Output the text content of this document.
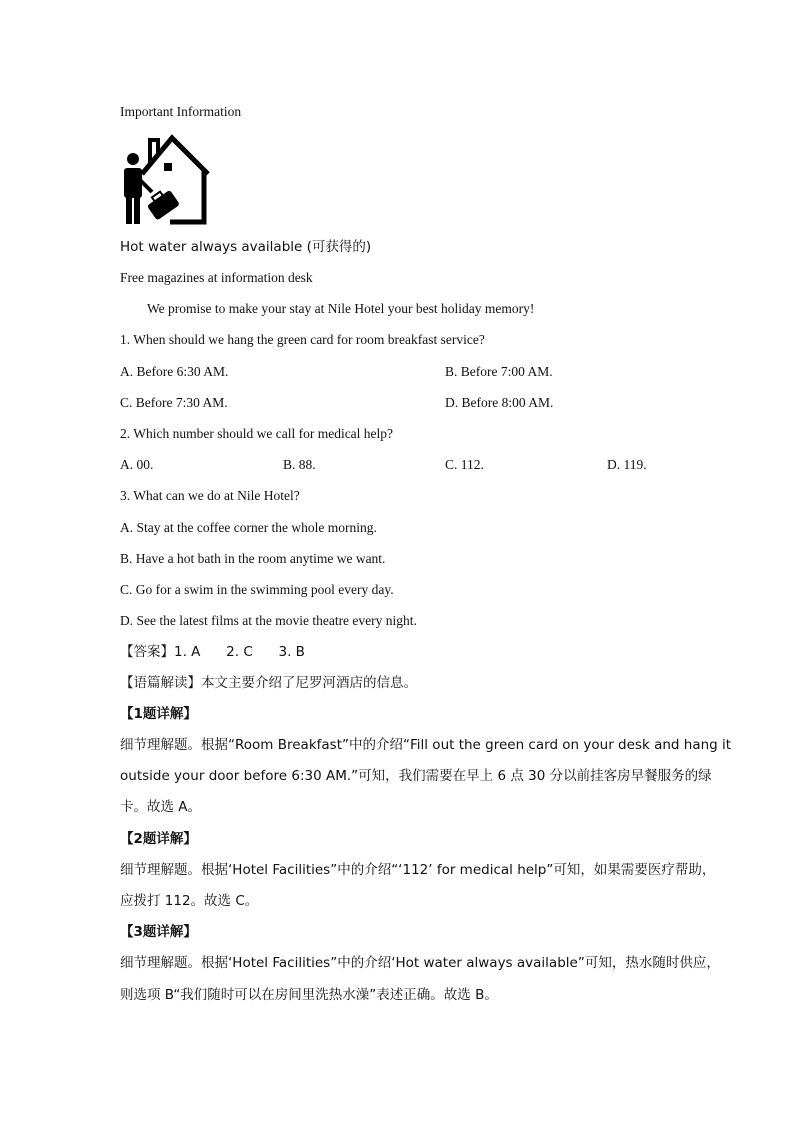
Important Information
Hot water always available (可获得的)
Free magazines at information desk
We promise to make your stay at Nile Hotel your best holiday memory!
1. When should we hang the green card for room breakfast service?
A. Before 6:30 AM.	B. Before 7:00 AM.
C. Before 7:30 AM.	D. Before 8:00 AM.
2. Which number should we call for medical help?
A. 00.	B. 88.	C. 112.	D. 119.
3. What can we do at Nile Hotel?
A. Stay at the coffee corner the whole morning.
B. Have a hot bath in the room anytime we want.
C. Go for a swim in the swimming pool every day.
D. See the latest films at the movie theatre every night.
【答案】1. A      2. C      3. B
【语篇解读】本文主要介绍了尼罗河酒店的信息。
【1题详解】
细节理解题。根据“Room Breakfast”中的介绍“Fill out the green card on your desk and hang it
outside your door before 6:30 AM.”可知，我们需要在早上 6 点 30 分以前挂客房早餐服务的绿
卡。故选 A。
【2题详解】
细节理解题。根据‘Hotel Facilities”中的介绍“‘112’ for medical help”可知，如果需要医疗帮助，
应拨打 112。故选 C。
【3题详解】
细节理解题。根据‘Hotel Facilities”中的介绍‘Hot water always available”可知，热水随时供应，
则选项 B“我们随时可以在房间里洗热水澡”表述正确。故选 B。
